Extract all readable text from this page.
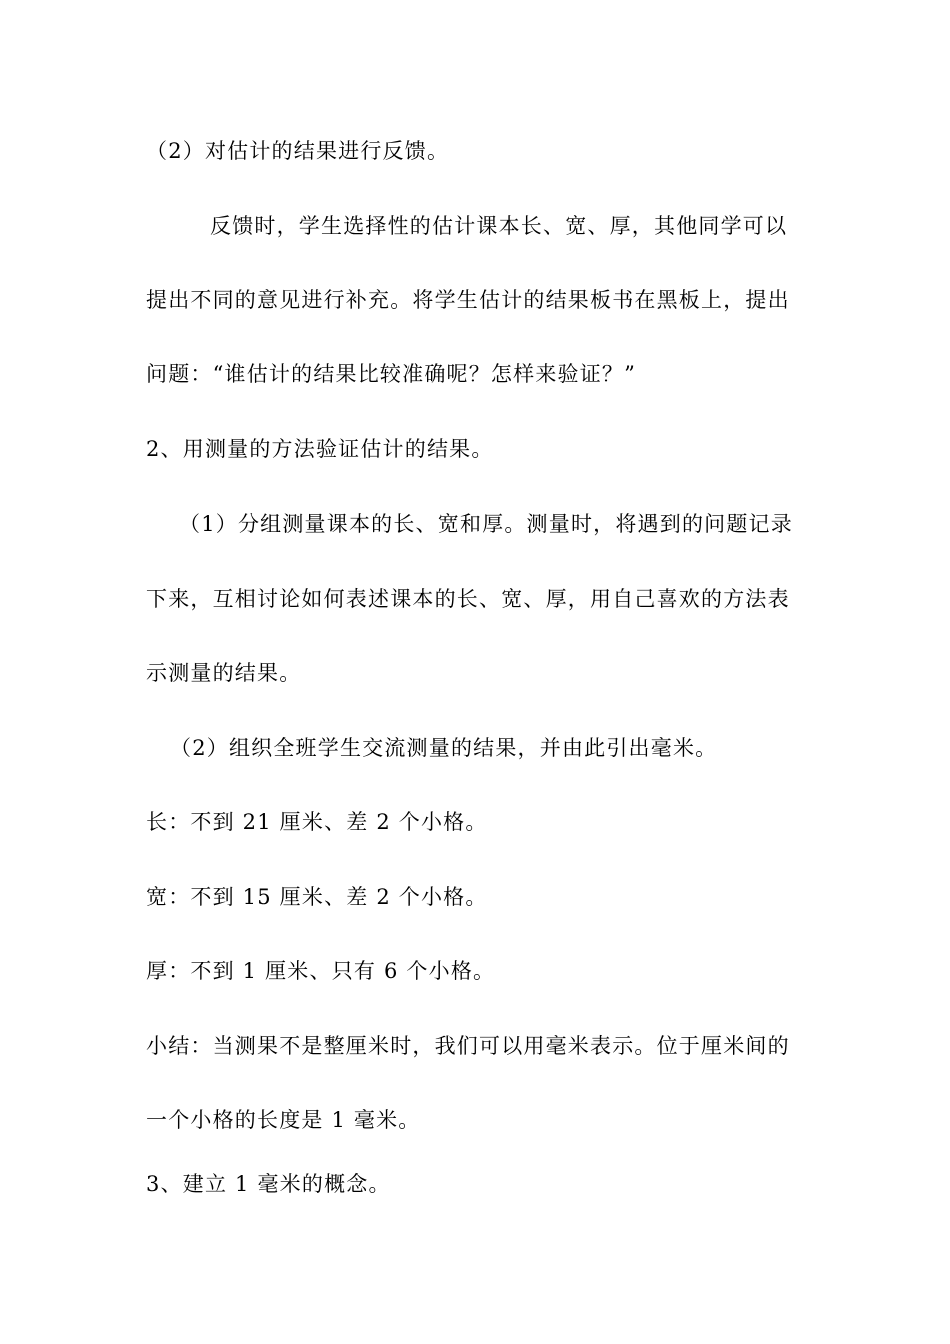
（2）对估计的结果进行反馈。
反馈时，学生选择性的估计课本长、宽、厚，其他同学可以
提出不同的意见进行补充。将学生估计的结果板书在黑板上，提出
问题：“谁估计的结果比较准确呢？怎样来验证？”
2、用测量的方法验证估计的结果。
（1）分组测量课本的长、宽和厚。测量时，将遇到的问题记录
下来，互相讨论如何表述课本的长、宽、厚，用自己喜欢的方法表
示测量的结果。
（2）组织全班学生交流测量的结果，并由此引出毫米。
长：不到 21 厘米、差 2 个小格。
宽：不到 15 厘米、差 2 个小格。
厚：不到 1 厘米、只有 6 个小格。
小结：当测果不是整厘米时，我们可以用毫米表示。位于厘米间的
一个小格的长度是 1 毫米。
3、建立 1 毫米的概念。
